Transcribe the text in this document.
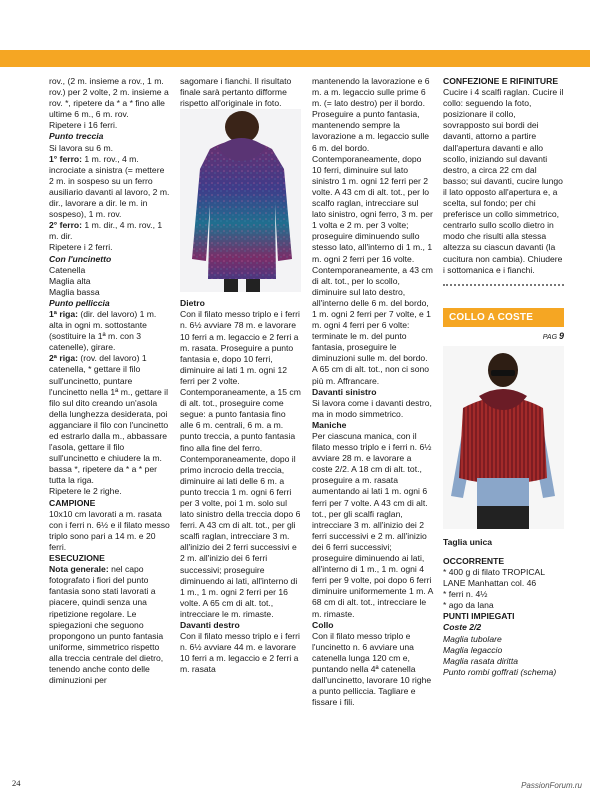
rov., (2 m. insieme a rov., 1 m. rov.) per 2 volte, 2 m. insieme a rov. *, ripetere da * a * fino alle ultime 6 m., 6 m. rov.

Ripetere i 16 ferri.

Punto treccia

Si lavora su 6 m.

1° ferro: 1 m. rov., 4 m. incrociate a sinistra (= mettere 2 m. in sospeso su un ferro ausiliario davanti al lavoro, 2 m. dir., lavorare a dir. le m. in sospeso), 1 m. rov.

2° ferro: 1 m. dir., 4 m. rov., 1 m. dir.

Ripetere i 2 ferri.

Con l'uncinetto

Catenella

Maglia alta

Maglia bassa

Punto pelliccia

1ª riga: (dir. del lavoro) 1 m. alta in ogni m. sottostante (sostituire la 1ª m. con 3 catenelle), girare.

2ª riga: (rov. del lavoro) 1 catenella, * gettare il filo sull'uncinetto, puntare l'uncinetto nella 1ª m., gettare il filo sul dito creando un'asola della lunghezza desiderata, poi agganciare il filo con l'uncinetto ed estrarlo dalla m., abbassare l'asola, gettare il filo sull'uncinetto e chiudere la m. bassa *, ripetere da * a * per tutta la riga.

Ripetere le 2 righe.

CAMPIONE

10x10 cm lavorati a m. rasata con i ferri n. 6½ e il filato messo triplo sono pari a 14 m. e 20 ferri.

ESECUZIONE

Nota generale: nel capo fotografato i fiori del punto fantasia sono stati lavorati a piacere, quindi senza una ripetizione regolare. Le spiegazioni che seguono propongono un punto fantasia uniforme, simmetrico rispetto alla treccia centrale del dietro, tenendo anche conto delle diminuzioni per

sagomare i fianchi. Il risultato finale sarà pertanto difforme rispetto all'originale in foto.

Dietro

Con il filato messo triplo e i ferri n. 6½ avviare 78 m. e lavorare 10 ferri a m. legaccio e 2 ferri a m. rasata. Proseguire a punto fantasia e, dopo 10 ferri, diminuire ai lati 1 m. ogni 12 ferri per 2 volte. Contemporaneamente, a 15 cm di alt. tot., proseguire come segue: a punto fantasia fino alle 6 m. centrali, 6 m. a m. punto treccia, a punto fantasia fino alla fine del ferro. Contemporaneamente, dopo il primo incrocio della treccia, diminuire ai lati delle 6 m. a punto treccia 1 m. ogni 6 ferri per 3 volte, poi 1 m. solo sul lato sinistro della treccia dopo 6 ferri. A 43 cm di alt. tot., per gli scalfi raglan, intrecciare 3 m. all'inizio dei 2 ferri successivi e 2 m. all'inizio dei 6 ferri successivi; proseguire diminuendo ai lati, all'interno di 1 m., 1 m. ogni 2 ferri per 16 volte. A 65 cm di alt. tot., intrecciare le m. rimaste.

Davanti destro

Con il filato messo triplo e i ferri n. 6½ avviare 44 m. e lavorare 10 ferri a m. legaccio e 2 ferri a m. rasata

mantenendo la lavorazione e 6 m. a m. legaccio sulle prime 6 m. (= lato destro) per il bordo. Proseguire a punto fantasia, mantenendo sempre la lavorazione a m. legaccio sulle 6 m. del bordo. Contemporaneamente, dopo 10 ferri, diminuire sul lato sinistro 1 m. ogni 12 ferri per 2 volte. A 43 cm di alt. tot., per lo scalfo raglan, intrecciare sul lato sinistro, ogni ferro, 3 m. per 1 volta e 2 m. per 3 volte; proseguire diminuendo sullo stesso lato, all'interno di 1 m., 1 m. ogni 2 ferri per 16 volte. Contemporaneamente, a 43 cm di alt. tot., per lo scollo, diminuire sul lato destro, all'interno delle 6 m. del bordo, 1 m. ogni 2 ferri per 7 volte, e 1 m. ogni 4 ferri per 6 volte: terminate le m. del punto fantasia, proseguire le diminuzioni sulle m. del bordo. A 65 cm di alt. tot., non ci sono più m. Affrancare.

Davanti sinistro

Si lavora come i davanti destro, ma in modo simmetrico.

Maniche

Per ciascuna manica, con il filato messo triplo e i ferri n. 6½ avviare 28 m. e lavorare a coste 2/2. A 18 cm di alt. tot., proseguire a m. rasata aumentando ai lati 1 m. ogni 6 ferri per 7 volte. A 43 cm di alt. tot., per gli scalfi raglan, intrecciare 3 m. all'inizio dei 2 ferri successivi e 2 m. all'inizio dei 6 ferri successivi; proseguire diminuendo ai lati, all'interno di 1 m., 1 m. ogni 4 ferri per 9 volte, poi dopo 6 ferri diminuire uniformemente 1 m. A 68 cm di alt. tot., intrecciare le m. rimaste.

Collo

Con il filato messo triplo e l'uncinetto n. 6 avviare una catenella lunga 120 cm e, puntando nella 4ª catenella dall'uncinetto, lavorare 10 righe a punto pelliccia. Tagliare e fissare i fili.

CONFEZIONE E RIFINITURE

Cucire i 4 scalfi raglan. Cucire il collo: seguendo la foto, posizionare il collo, sovrapposto sui bordi dei davanti, attorno a partire dall'apertura davanti e allo scollo, iniziando sul davanti destro, a circa 22 cm dal basso; sui davanti, cucire lungo il lato opposto all'apertura e, a scelta, sul fondo; per chi preferisce un collo simmetrico, centrarlo sullo scollo dietro in modo che risulti alla stessa altezza su ciascun davanti (la cucitura non cambia). Chiudere i sottomanica e i fianchi.

COLLO A COSTE
PAG 9

Taglia unica

OCCORRENTE

* 400 g di filato TROPICAL LANE Manhattan col. 46

* ferri n. 4½

* ago da lana

PUNTI IMPIEGATI

Coste 2/2

Maglia tubolare

Maglia legaccio

Maglia rasata diritta

Punto rombi goffrati (schema)

24	PassionForum.ru
